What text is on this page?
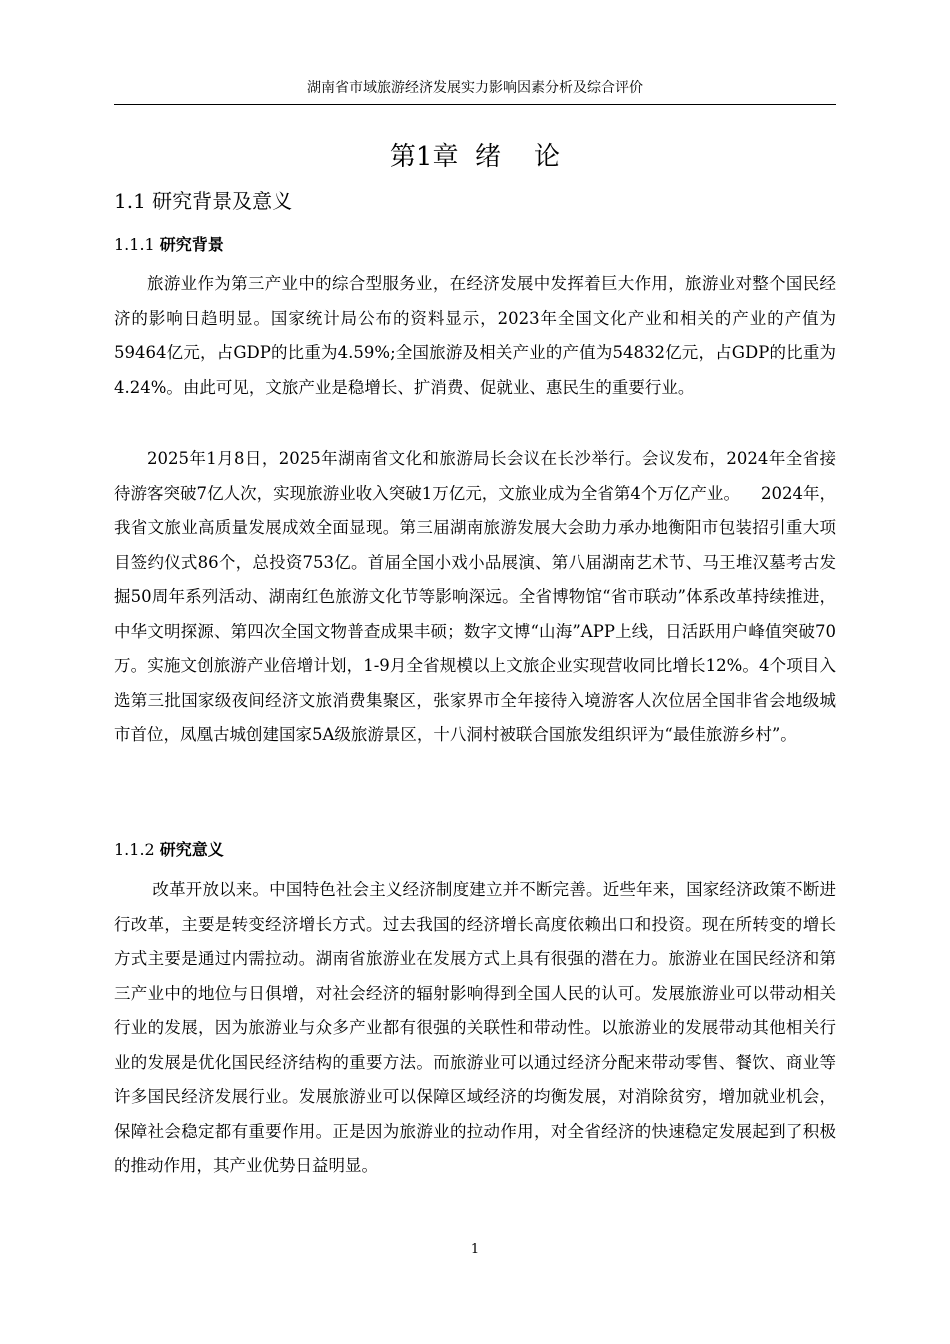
湖南省市域旅游经济发展实力影响因素分析及综合评价
第1章  绪    论
1.1 研究背景及意义
1.1.1 研究背景

旅游业作为第三产业中的综合型服务业，在经济发展中发挥着巨大作用，旅游业对整个国民经济的影响日趋明显。国家统计局公布的资料显示，2023年全国文化产业和相关的产业的产值为59464亿元，占GDP的比重为4.59%;全国旅游及相关产业的产值为54832亿元，占GDP的比重为4.24%。由此可见，文旅产业是稳增长、扩消费、促就业、惠民生的重要行业。

2025年1月8日，2025年湖南省文化和旅游局长会议在长沙举行。会议发布，2024年全省接待游客突破7亿人次，实现旅游业收入突破1万亿元，文旅业成为全省第4个万亿产业。    2024年，我省文旅业高质量发展成效全面显现。第三届湖南旅游发展大会助力承办地衡阳市包装招引重大项目签约仪式86个，总投资753亿。首届全国小戏小品展演、第八届湖南艺术节、马王堆汉墓考古发掘50周年系列活动、湖南红色旅游文化节等影响深远。全省博物馆“省市联动”体系改革持续推进，中华文明探源、第四次全国文物普查成果丰硕；数字文博“山海”APP上线，日活跃用户峰值突破70万。实施文创旅游产业倍增计划，1-9月全省规模以上文旅企业实现营收同比增长12%。4个项目入选第三批国家级夜间经济文旅消费集聚区，张家界市全年接待入境游客人次位居全国非省会地级城市首位，凤凰古城创建国家5A级旅游景区，十八洞村被联合国旅发组织评为“最佳旅游乡村”。

1.1.2 研究意义

改革开放以来。中国特色社会主义经济制度建立并不断完善。近些年来，国家经济政策不断进行改革，主要是转变经济增长方式。过去我国的经济增长高度依赖出口和投资。现在所转变的增长方式主要是通过内需拉动。湖南省旅游业在发展方式上具有很强的潜在力。旅游业在国民经济和第三产业中的地位与日俱增，对社会经济的辐射影响得到全国人民的认可。发展旅游业可以带动相关行业的发展，因为旅游业与众多产业都有很强的关联性和带动性。以旅游业的发展带动其他相关行业的发展是优化国民经济结构的重要方法。而旅游业可以通过经济分配来带动零售、餐饮、商业等许多国民经济发展行业。发展旅游业可以保障区域经济的均衡发展，对消除贫穷，增加就业机会，保障社会稳定都有重要作用。正是因为旅游业的拉动作用，对全省经济的快速稳定发展起到了积极的推动作用，其产业优势日益明显。

1
